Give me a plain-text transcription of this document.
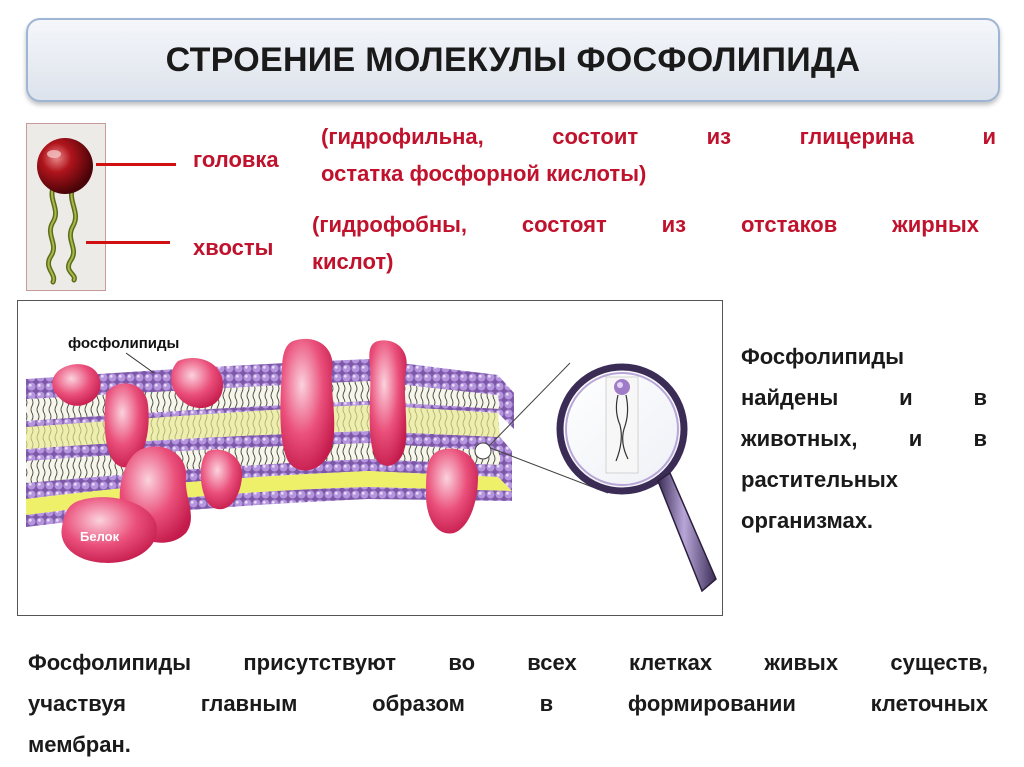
СТРОЕНИЕ МОЛЕКУЛЫ ФОСФОЛИПИДА
головка
хвосты
(гидрофильна, состоит из глицерина и
остатка фосфорной кислоты)
(гидрофобны, состоят из отстаков жирных
кислот)
фосфолипиды
Белок
Фосфолипиды
найдены и в
животных, и в
растительных
организмах.
Фосфолипиды присутствуют во всех клетках живых существ,
участвуя главным образом в формировании клеточных
мембран.
